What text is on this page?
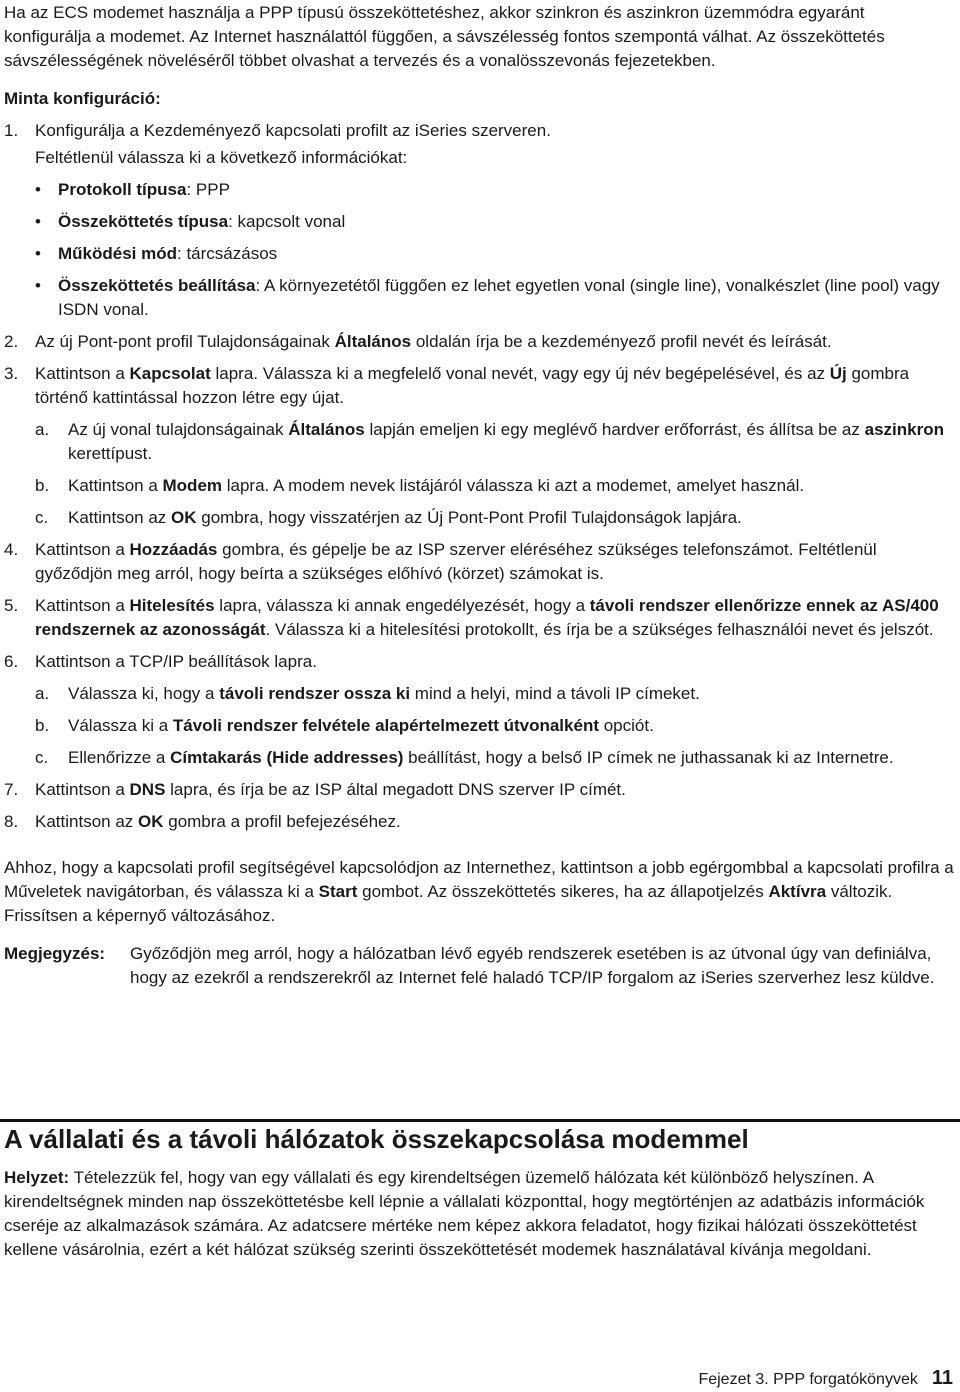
Ha az ECS modemet használja a PPP típusú összeköttetéshez, akkor szinkron és aszinkron üzemmódra egyaránt konfigurálja a modemet. Az Internet használattól függően, a sávszélesség fontos szempontá válhat. Az összeköttetés sávszélességének növeléséről többet olvashat a tervezés és a vonalösszevonás fejezetekben.

Minta konfiguráció:

1. Konfigurálja a Kezdeményező kapcsolati profilt az iSeries szerveren.

Feltétlenül válassza ki a következő információkat:

•	Protokoll típusa: PPP
•	Összeköttetés típusa: kapcsolt vonal
•	Működési mód: tárcsázásos
•	Összeköttetés beállítása: A környezetétől függően ez lehet egyetlen vonal (single line), vonalkészlet (line pool) vagy ISDN vonal.
2. Az új Pont-pont profil Tulajdonságainak Általános oldalán írja be a kezdeményező profil nevét és leírását.

3. Kattintson a Kapcsolat lapra. Válassza ki a megfelelő vonal nevét, vagy egy új név begépelésével, és az Új gombra történő kattintással hozzon létre egy újat.

a.	Az új vonal tulajdonságainak Általános lapján emeljen ki egy meglévő hardver erőforrást, és állítsa be az aszinkron kerettípust.

b.	Kattintson a Modem lapra. A modem nevek listájáról válassza ki azt a modemet, amelyet használ.

c.	Kattintson az OK gombra, hogy visszatérjen az Új Pont-Pont Profil Tulajdonságok lapjára.

4. Kattintson a Hozzáadás gombra, és gépelje be az ISP szerver eléréséhez szükséges telefonszámot. Feltétlenül győződjön meg arról, hogy beírta a szükséges előhívó (körzet) számokat is.

5. Kattintson a Hitelesítés lapra, válassza ki annak engedélyezését, hogy a távoli rendszer ellenőrizze ennek az AS/400 rendszernek az azonosságát. Válassza ki a hitelesítési protokollt, és írja be a szükséges felhasználói nevet és jelszót.

6. Kattintson a TCP/IP beállítások lapra.

a.	Válassza ki, hogy a távoli rendszer ossza ki mind a helyi, mind a távoli IP címeket.

b.	Válassza ki a Távoli rendszer felvétele alapértelmezett útvonalként opciót.

c.	Ellenőrizze a Címtakarás (Hide addresses) beállítást, hogy a belső IP címek ne juthassanak ki az Internetre.

7. Kattintson a DNS lapra, és írja be az ISP által megadott DNS szerver IP címét.

8. Kattintson az OK gombra a profil befejezéséhez.

Ahhoz, hogy a kapcsolati profil segítségével kapcsolódjon az Internethez, kattintson a jobb egérgombbal a kapcsolati profilra a Műveletek navigátorban, és válassza ki a Start gombot. Az összeköttetés sikeres, ha az állapotjelzés Aktívra változik. Frissítsen a képernyő változásához.

Megjegyzés:	Győződjön meg arról, hogy a hálózatban lévő egyéb rendszerek esetében is az útvonal úgy van definiálva, hogy az ezekről a rendszerekről az Internet felé haladó TCP/IP forgalom az iSeries szerverhez lesz küldve.

A vállalati és a távoli hálózatok összekapcsolása modemmel

Helyzet: Tételezzük fel, hogy van egy vállalati és egy kirendeltségen üzemelő hálózata két különböző helyszínen. A kirendeltségnek minden nap összeköttetésbe kell lépnie a vállalati központtal, hogy megtörténjen az adatbázis információk cseréje az alkalmazások számára. Az adatcsere mértéke nem képez akkora feladatot, hogy fizikai hálózati összeköttetést kellene vásárolnia, ezért a két hálózat szükség szerinti összeköttetését modemek használatával kívánja megoldani.

Fejezet 3. PPP forgatókönyvek 11
